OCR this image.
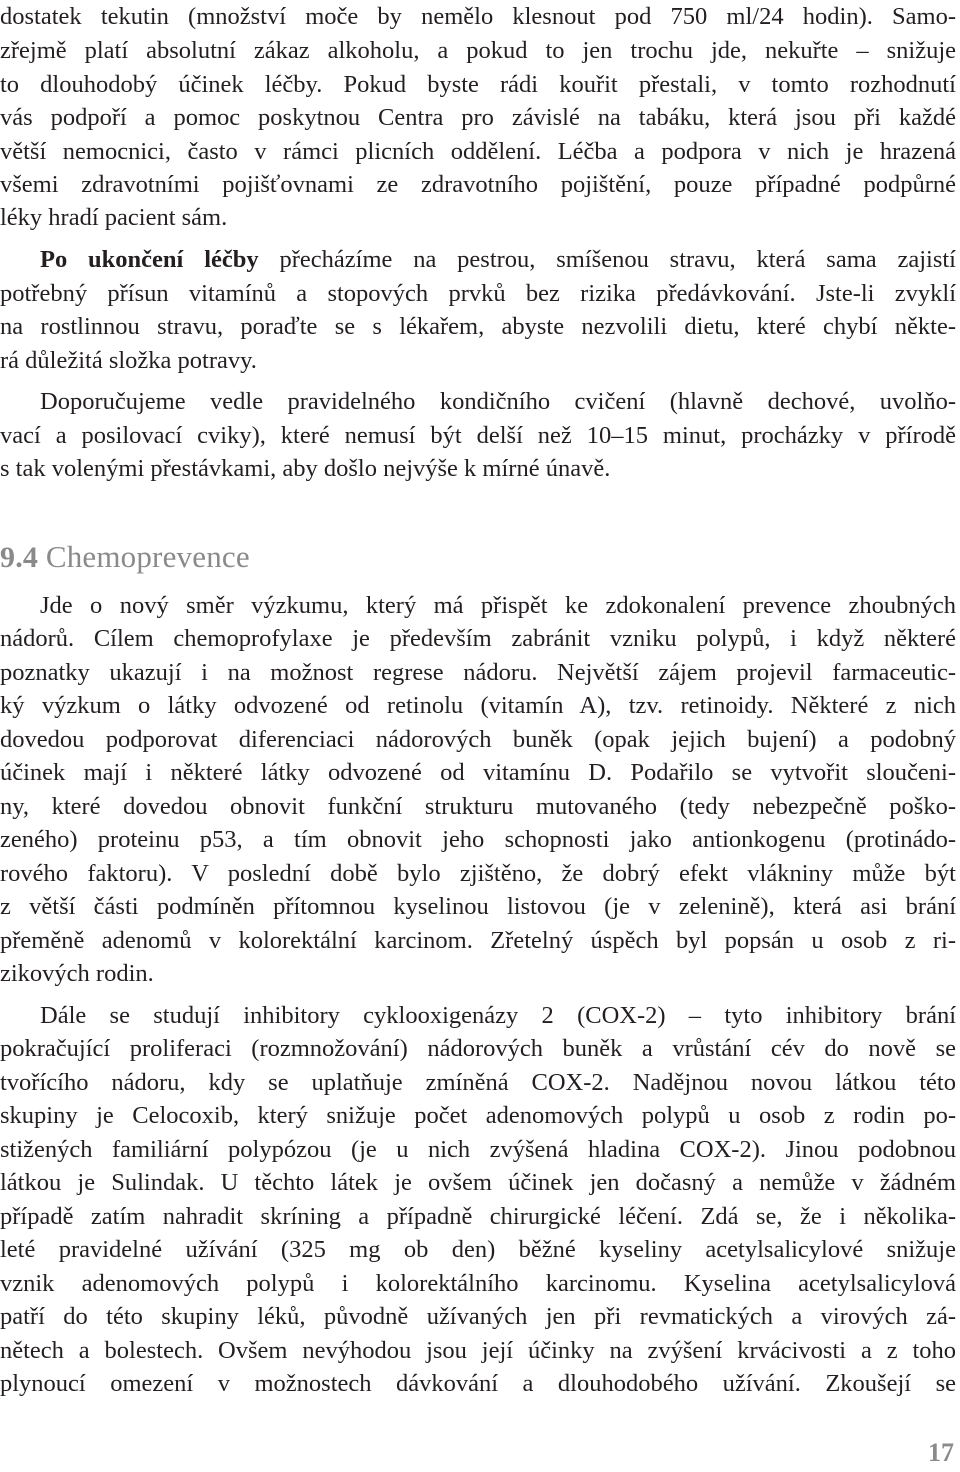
dostatek tekutin (množství moče by nemělo klesnout pod 750 ml/24 hodin). Samo-
zřejmě platí absolutní zákaz alkoholu, a pokud to jen trochu jde, nekuřte – snižuje
to dlouhodobý účinek léčby. Pokud byste rádi kouřit přestali, v tomto rozhodnutí
vás podpoří a pomoc poskytnou Centra pro závislé na tabáku, která jsou při každé
větší nemocnici, často v rámci plicních oddělení. Léčba a podpora v nich je hrazená
všemi zdravotními pojišťovnami ze zdravotního pojištění, pouze případné podpůrné
léky hradí pacient sám.
Po ukončení léčby přecházíme na pestrou, smíšenou stravu, která sama zajistí
potřebný přísun vitamínů a stopových prvků bez rizika předávkování. Jste-li zvyklí
na rostlinnou stravu, poraďte se s lékařem, abyste nezvolili dietu, které chybí někte-
rá důležitá složka potravy.
Doporučujeme vedle pravidelného kondičního cvičení (hlavně dechové, uvolňo-
vací a posilovací cviky), které nemusí být delší než 10–15 minut, procházky v přírodě
s tak volenými přestávkami, aby došlo nejvýše k mírné únavě.
9.4 Chemoprevence
Jde o nový směr výzkumu, který má přispět ke zdokonalení prevence zhoubných
nádorů. Cílem chemoprofylaxe je především zabránit vzniku polypů, i když některé
poznatky ukazují i na možnost regrese nádoru. Největší zájem projevil farmaceutic-
ký výzkum o látky odvozené od retinolu (vitamín A), tzv. retinoidy. Některé z nich
dovedou podporovat diferenciaci nádorových buněk (opak jejich bujení) a podobný
účinek mají i některé látky odvozené od vitamínu D. Podařilo se vytvořit sloučeni-
ny, které dovedou obnovit funkční strukturu mutovaného (tedy nebezpečně poško-
zeného) proteinu p53, a tím obnovit jeho schopnosti jako antionkogenu (protinádo-
rového faktoru). V poslední době bylo zjištěno, že dobrý efekt vlákniny může být
z větší části podmíněn přítomnou kyselinou listovou (je v zelenině), která asi brání
přeměně adenomů v kolorektální karcinom. Zřetelný úspěch byl popsán u osob z ri-
zikových rodin.
Dále se studují inhibitory cyklooxigenázy 2 (COX-2) – tyto inhibitory brání
pokračující proliferaci (rozmnožování) nádorových buněk a vrůstání cév do nově se
tvořícího nádoru, kdy se uplatňuje zmíněná COX-2. Nadějnou novou látkou této
skupiny je Celocoxib, který snižuje počet adenomových polypů u osob z rodin po-
stižených familiární polypózou (je u nich zvýšená hladina COX-2). Jinou podobnou
látkou je Sulindak. U těchto látek je ovšem účinek jen dočasný a nemůže v žádném
případě zatím nahradit skríning a případně chirurgické léčení. Zdá se, že i několika-
leté pravidelné užívání (325 mg ob den) běžné kyseliny acetylsalicylové snižuje
vznik adenomových polypů i kolorektálního karcinomu. Kyselina acetylsalicylová
patří do této skupiny léků, původně užívaných jen při revmatických a virových zá-
nětech a bolestech. Ovšem nevýhodou jsou její účinky na zvýšení krvácivosti a z toho
plynoucí omezení v možnostech dávkování a dlouhodobého užívání. Zkoušejí se
17
